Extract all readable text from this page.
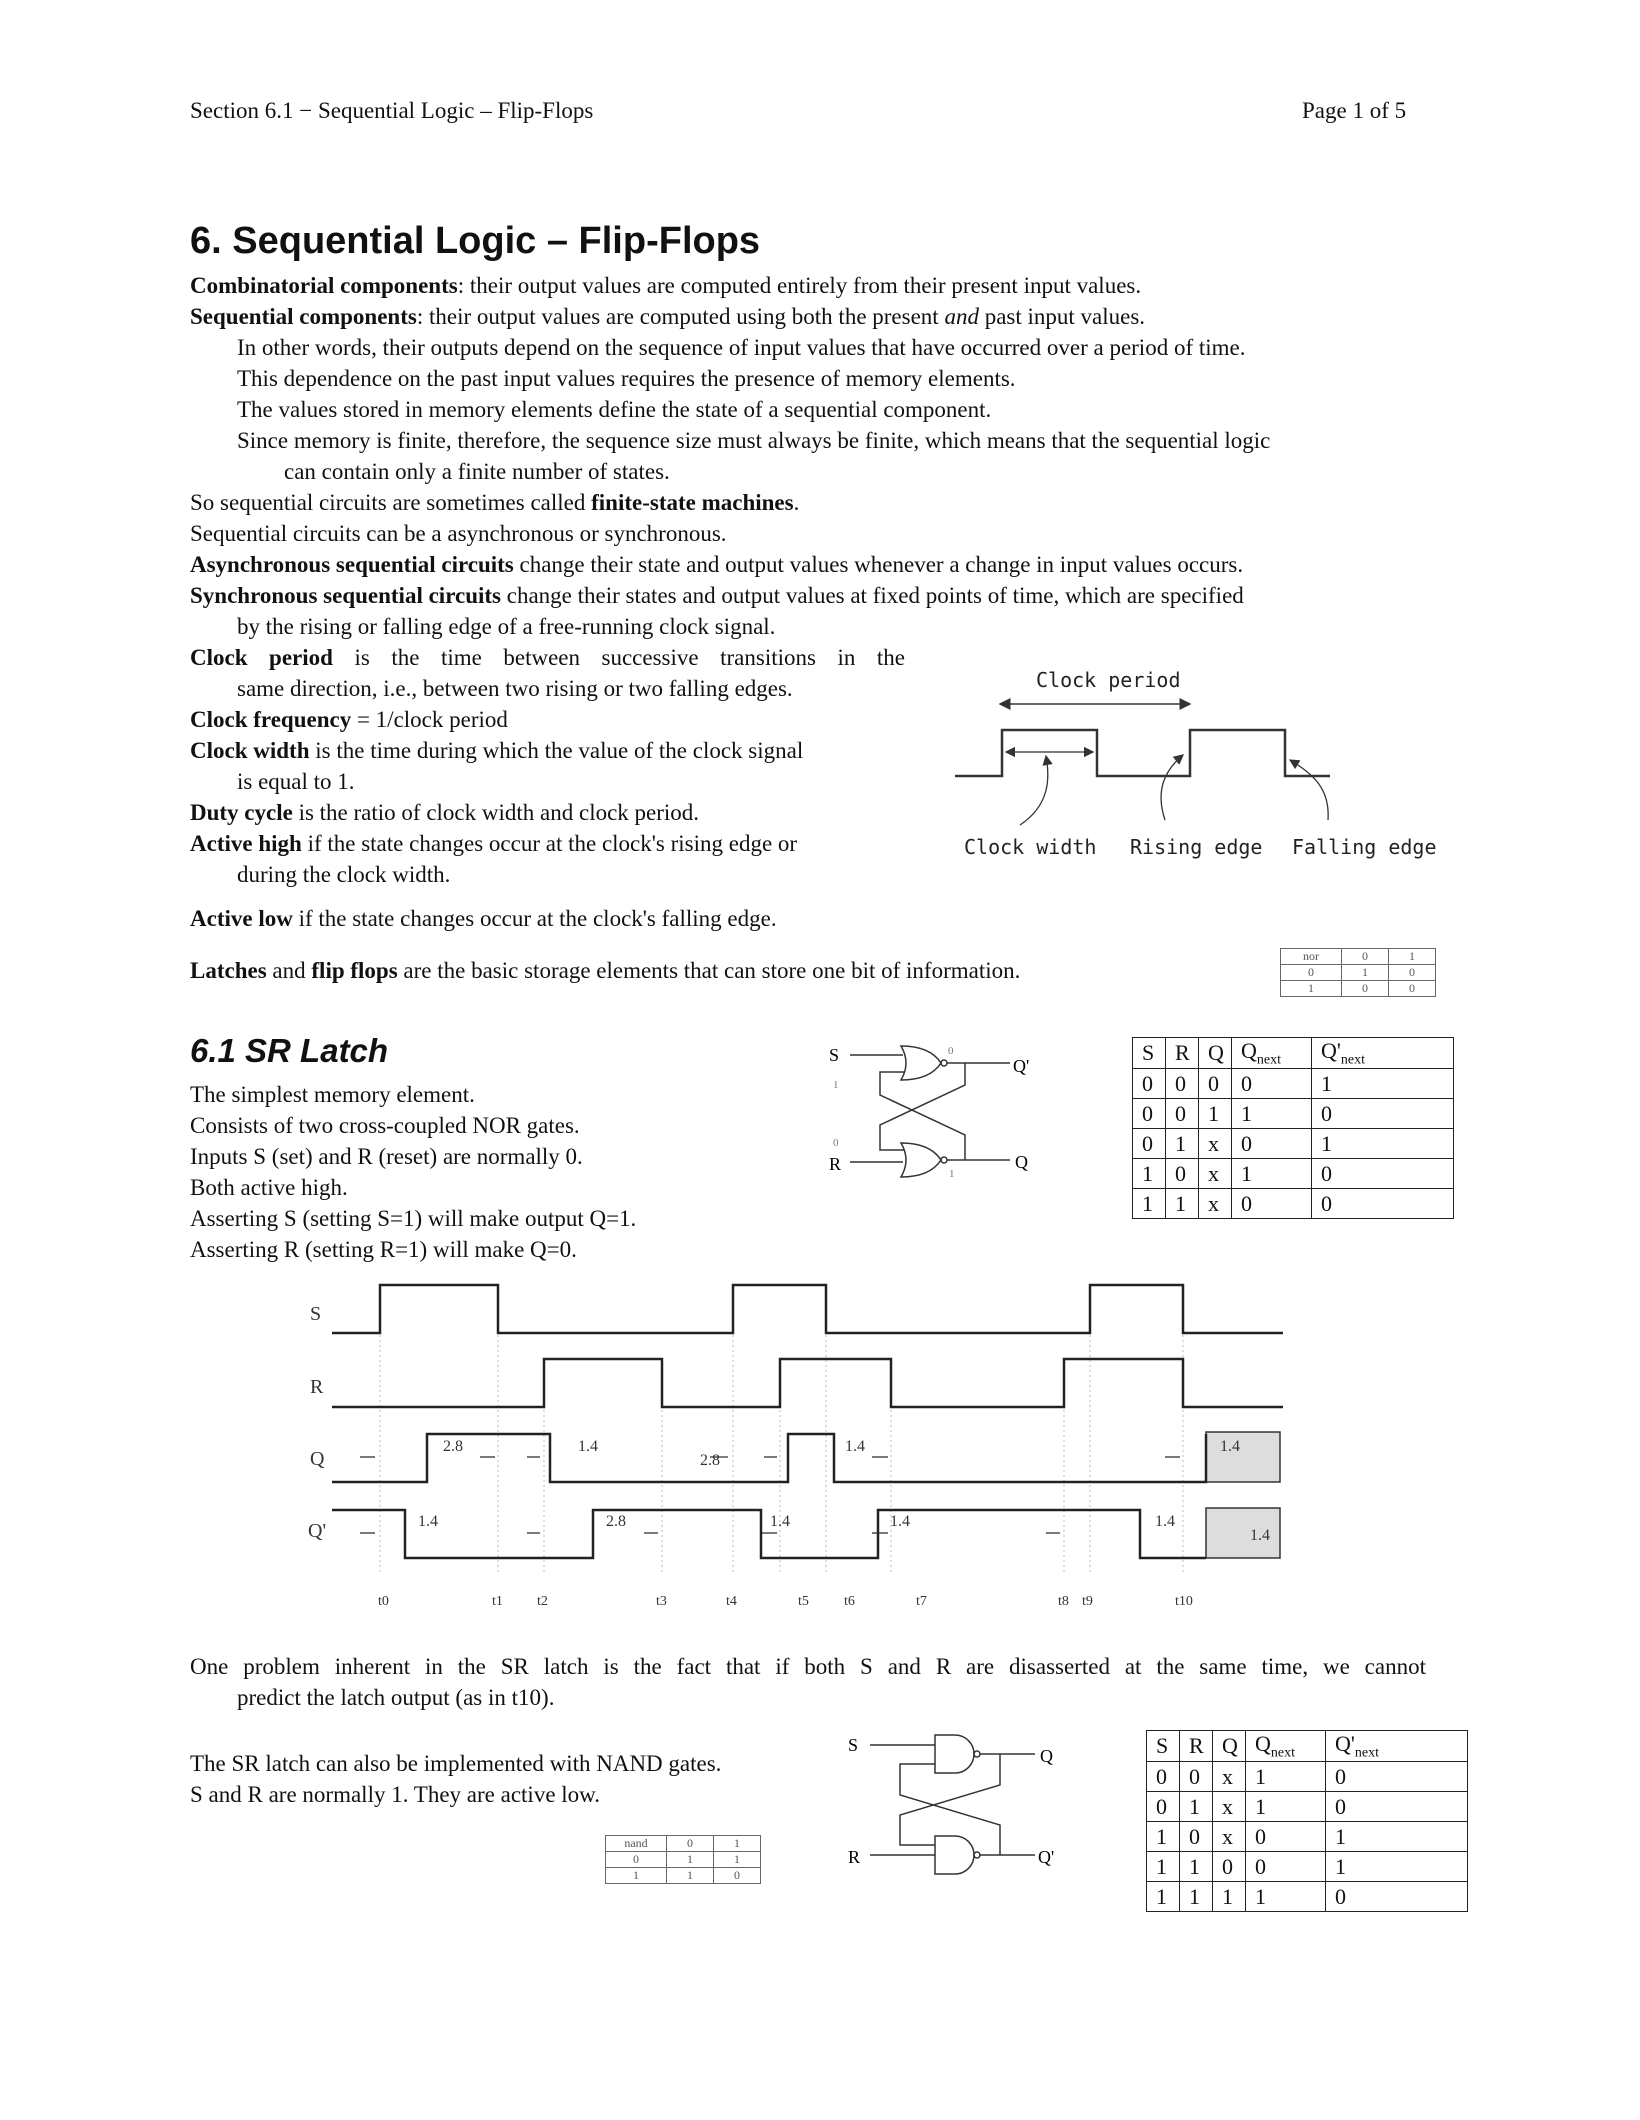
Section 6.1 − Sequential Logic – Flip-Flops	Page 1 of 5
6. Sequential Logic – Flip-Flops
Combinatorial components: their output values are computed entirely from their present input values.
Sequential components: their output values are computed using both the present and past input values.
In other words, their outputs depend on the sequence of input values that have occurred over a period of time.
This dependence on the past input values requires the presence of memory elements.
The values stored in memory elements define the state of a sequential component.
Since memory is finite, therefore, the sequence size must always be finite, which means that the sequential logic
can contain only a finite number of states.
So sequential circuits are sometimes called finite-state machines.
Sequential circuits can be a asynchronous or synchronous.
Asynchronous sequential circuits change their state and output values whenever a change in input values occurs.
Synchronous sequential circuits change their states and output values at fixed points of time, which are specified
by the rising or falling edge of a free-running clock signal.
Clock period is the time between successive transitions in the
same direction, i.e., between two rising or two falling edges.
Clock frequency = 1/clock period
Clock width is the time during which the value of the clock signal
is equal to 1.
Duty cycle is the ratio of clock width and clock period.
Active high if the state changes occur at the clock's rising edge or
during the clock width.
Active low if the state changes occur at the clock's falling edge.
Clock period
Clock width Rising edge Falling edge
Latches and flip flops are the basic storage elements that can store one bit of information.
nor	0	1
0	1	0
1	0	0
6.1 SR Latch
The simplest memory element.
Consists of two cross-coupled NOR gates.
Inputs S (set) and R (reset) are normally 0.
Both active high.
Asserting S (setting S=1) will make output Q=1.
Asserting R (setting R=1) will make Q=0.
S
R
Q'
Q
0
1
0
1
S	R	Q	$Q_{next}$	$Q'_{next}$
0	0	0	0	1
0	0	1	1	0
0	1	x	0	1
1	0	x	1	0
1	1	x	0	0
S
R
Q
Q'
t0	t1 t2	t3	t4	t5	t6	t7	t8 t9	t10
2.8	1.4
2.8
1.4	1.4
1.4	2.8	1.4	1.4	1.4
1.4
One problem inherent in the SR latch is the fact that if both S and R are disasserted at the same time, we cannot
predict the latch output (as in t10).
The SR latch can also be implemented with NAND gates.
S and R are normally 1. They are active low.
nand	0	1
0	1	1
1	1	0
S
R
Q
Q'
S	R	Q	$Q_{next}$	$Q'_{next}$
0	0	x	1	0
0	1	x	1	0
1	0	x	0	1
1	1	0	0	1
1	1	1	1	0
